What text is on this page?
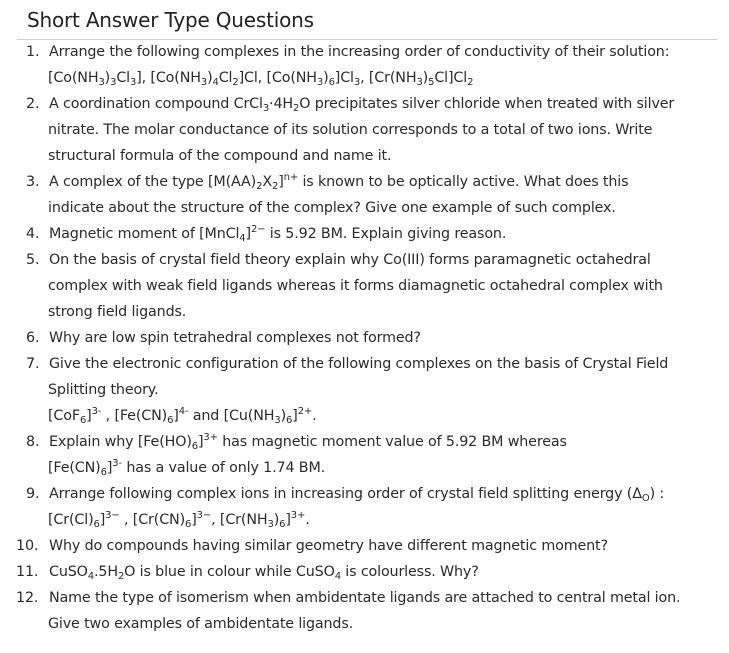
Short Answer Type Questions
1. Arrange the following complexes in the increasing order of conductivity of their solution:
$[Co(NH_3)_3Cl_3]$, $[Co(NH_3)_4Cl_2]Cl$, $[Co(NH_3)_6]Cl_3$, $[Cr(NH_3)_5Cl]Cl_2$
2. A coordination compound $CrCl_3\cdot 4H_2O$ precipitates silver chloride when treated with silver
nitrate. The molar conductance of its solution corresponds to a total of two ions. Write
structural formula of the compound and name it.
3. A complex of the type $[M(AA)_2X_2]^{n+}$ is known to be optically active. What does this
indicate about the structure of the complex? Give one example of such complex.
4. Magnetic moment of [MnCl$_4$]$^{2-}$ is 5.92 BM. Explain giving reason.
5. On the basis of crystal field theory explain why Co(III) forms paramagnetic octahedral
complex with weak field ligands whereas it forms diamagnetic octahedral complex with
strong field ligands.
6. Why are low spin tetrahedral complexes not formed?
7. Give the electronic configuration of the following complexes on the basis of Crystal Field
Splitting theory.
$[CoF_6]^{3-}$ , $[Fe(CN)_6]^{4-}$ and $[Cu(NH_3)_6]^{2+}$.
8. Explain why $[Fe(HO)_6]^{3+}$ has magnetic moment value of 5.92 BM whereas
$[Fe(CN)_6]^{3-}$ has a value of only 1.74 BM.
9. Arrange following complex ions in increasing order of crystal field splitting energy $(\Delta_O)$ :
$[Cr(Cl)_6]^{3-}$ , $[Cr(CN)_6]^{3-}$, $[Cr(NH_3)_6]^{3+}$.
10. Why do compounds having similar geometry have different magnetic moment?
11. $CuSO_4.5H_2O$ is blue in colour while CuSO$_4$ is colourless. Why?
12. Name the type of isomerism when ambidentate ligands are attached to central metal ion.
Give two examples of ambidentate ligands.
